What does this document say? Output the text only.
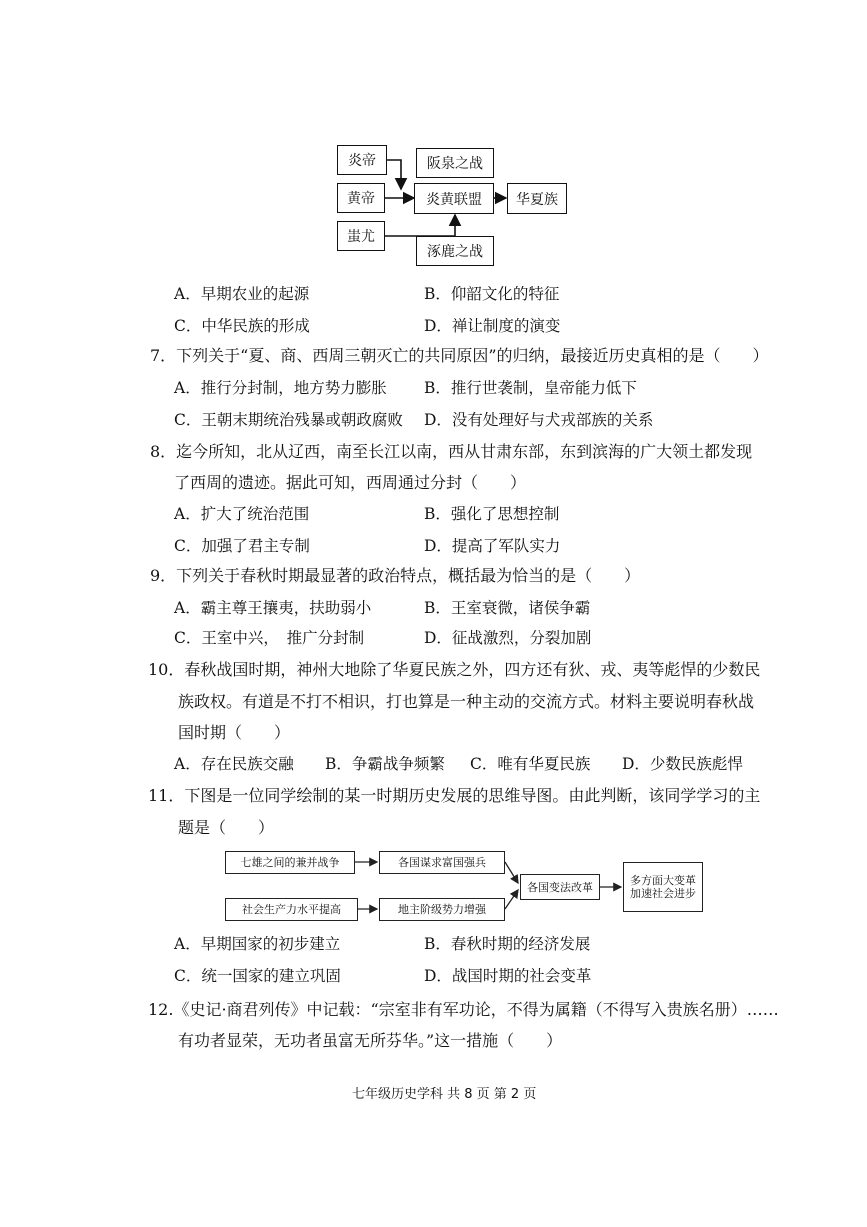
炎帝
黄帝
蚩尤
阪泉之战
炎黄联盟	华夏族
涿鹿之战
A．早期农业的起源	B．仰韶文化的特征
C．中华民族的形成	D．禅让制度的演变
7．下列关于“夏、商、西周三朝灭亡的共同原因”的归纳，最接近历史真相的是（　　）
A．推行分封制，地方势力膨胀 B．推行世袭制，皇帝能力低下
C．王朝末期统治残暴或朝政腐败 D．没有处理好与犬戎部族的关系
8．迄今所知，北从辽西，南至长江以南，西从甘肃东部，东到滨海的广大领土都发现
了西周的遗迹。据此可知，西周通过分封（　　）
A．扩大了统治范围	B．强化了思想控制
C．加强了君主专制	D．提高了军队实力
9．下列关于春秋时期最显著的政治特点，概括最为恰当的是（　　）
A．霸主尊王攘夷，扶助弱小	B．王室衰微，诸侯争霸
C．王室中兴，　推广分封制	D．征战激烈，分裂加剧
10．春秋战国时期，神州大地除了华夏民族之外，四方还有狄、戎、夷等彪悍的少数民
族政权。有道是不打不相识，打也算是一种主动的交流方式。材料主要说明春秋战
国时期（　　）
A．存在民族交融 B．争霸战争频繁 C．唯有华夏民族 D．少数民族彪悍
11．下图是一位同学绘制的某一时期历史发展的思维导图。由此判断，该同学学习的主
题是（　　）
七雄之间的兼并战争
社会生产力水平提高
各国谋求富国强兵
地主阶级势力增强
各国变法改革	多方面大变革
加速社会进步
A．早期国家的初步建立	B．春秋时期的经济发展
C．统一国家的建立巩固	D．战国时期的社会变革
12.《史记·商君列传》中记载：“宗室非有军功论，不得为属籍（不得写入贵族名册）……
有功者显荣，无功者虽富无所芬华。”这一措施（　　）
七年级历史学科 共 8 页 第 2 页
